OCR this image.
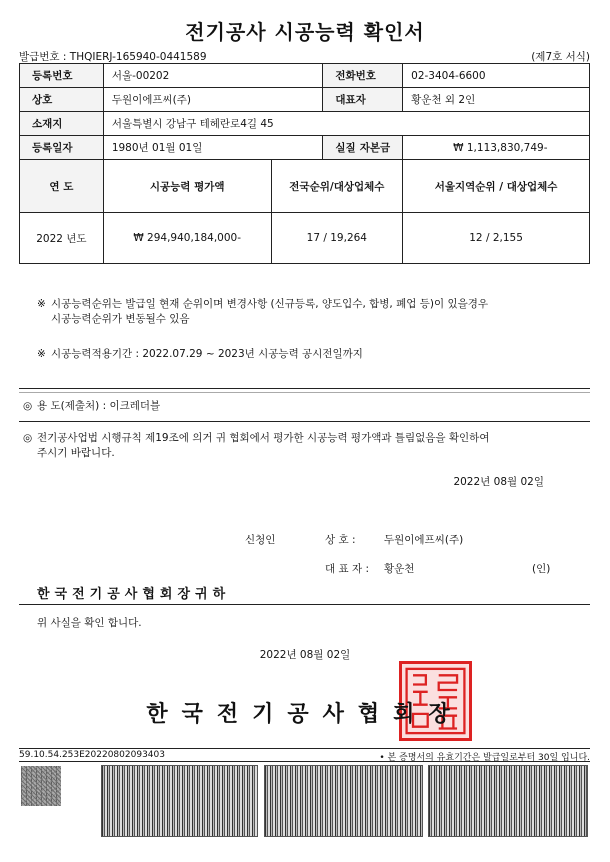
전기공사 시공능력 확인서
발급번호 : THQIERJ-165940-0441589	(제7호 서식)
등록번호	서울-00202		전화번호	02-3404-6600
상호	두원이에프씨(주)		대표자	황운천 외 2인
소재지	서울특별시 강남구 테헤란로4길 45			
등록일자	1980년 01월 01일		실질 자본금	₩ 1,113,830,749-
연 도	시공능력 평가액	전국순위/대상업체수		서울지역순위 / 대상업체수
2022 년도	₩ 294,940,184,000-	17 / 19,264		12 / 2,155
※ 시공능력순위는 발급일 현재 순위이며 변경사항 (신규등록, 양도입수, 합병, 폐업 등)이 있을경우
시공능력순위가 변동될수 있음
※ 시공능력적용기간 : 2022.07.29 ~ 2023년 시공능력 공시전일까지
◎ 용 도(제출처) : 이크레더블
◎ 전기공사업법 시행규칙 제19조에 의거 귀 협회에서 평가한 시공능력 평가액과 틀림없음을 확인하여
주시기 바랍니다.
2022년 08월 02일
신청인	상 호 :	두원이에프씨(주)
대 표 자 : 황운천	(인)
한국전기공사협회장귀하
위 사실을 확인 합니다.
2022년 08월 02일
한국전기공사협회장
59.10.54.253E20220802093403	• 본 증명서의 유효기간은 발급일로부터 30일 입니다.
